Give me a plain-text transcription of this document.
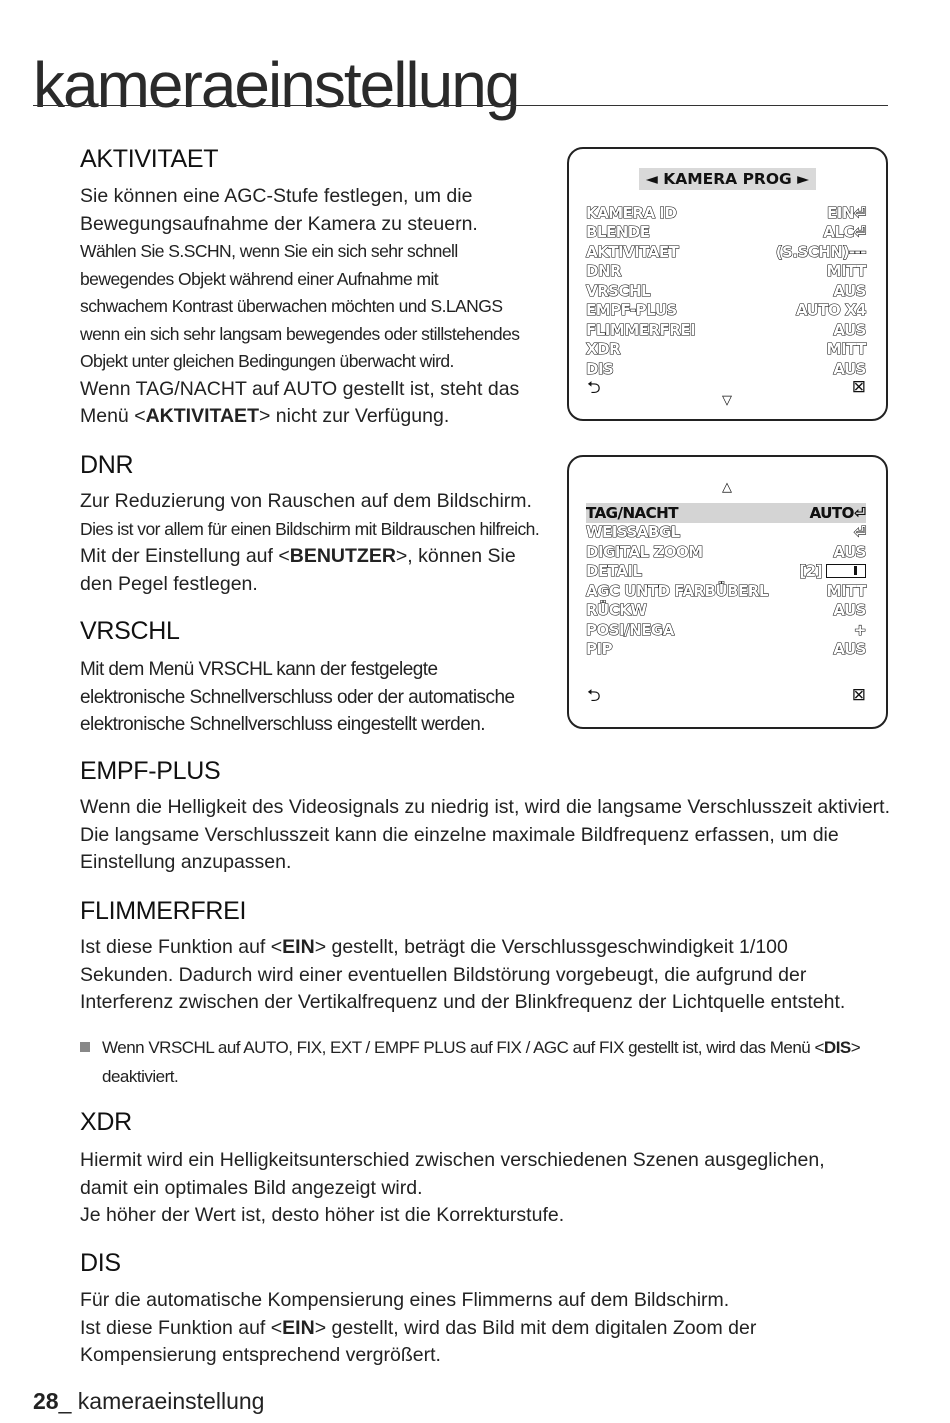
kameraeinstellung
AKTIVITAET
Sie können eine AGC-Stufe festlegen, um die
Bewegungsaufnahme der Kamera zu steuern.
Wählen Sie S.SCHN, wenn Sie ein sich sehr schnell
bewegendes Objekt während einer Aufnahme mit
schwachem Kontrast überwachen möchten und S.LANGS
wenn ein sich sehr langsam bewegendes oder stillstehendes
Objekt unter gleichen Bedingungen überwacht wird.
Wenn TAG/NACHT auf AUTO gestellt ist, steht das
Menü <AKTIVITAET> nicht zur Verfügung.
DNR
Zur Reduzierung von Rauschen auf dem Bildschirm.
Dies ist vor allem für einen Bildschirm mit Bildrauschen hilfreich.
Mit der Einstellung auf <BENUTZER>, können Sie
den Pegel festlegen.
VRSCHL
Mit dem Menü VRSCHL kann der festgelegte
elektronische Schnellverschluss oder der automatische
elektronische Schnellverschluss eingestellt werden.
◄ KAMERA PROG ►
KAMERA ID	EIN⏎
BLENDE	ALC⏎
AKTIVITAET	(S.SCHN)---
DNR	MITT
VRSCHL	AUS
EMPF-PLUS	AUTO X4
FLIMMERFREI	AUS
XDR	MITT
DIS	AUS
⮌
▽
⊠
△
TAG/NACHT	AUTO⏎
WEISSABGL	⏎
DIGITAL ZOOM	AUS
DETAIL	[2]
AGC UNTD FARBÜBERL	MITT
RÜCKW	AUS
POSI/NEGA	+
PIP	AUS
⮌	⊠
EMPF-PLUS
Wenn die Helligkeit des Videosignals zu niedrig ist, wird die langsame Verschlusszeit aktiviert.
Die langsame Verschlusszeit kann die einzelne maximale Bildfrequenz erfassen, um die
Einstellung anzupassen.
FLIMMERFREI
Ist diese Funktion auf <EIN> gestellt, beträgt die Verschlussgeschwindigkeit 1/100
Sekunden. Dadurch wird einer eventuellen Bildstörung vorgebeugt, die aufgrund der
Interferenz zwischen der Vertikalfrequenz und der Blinkfrequenz der Lichtquelle entsteht.
Wenn VRSCHL auf AUTO, FIX, EXT / EMPF PLUS auf FIX / AGC auf FIX gestellt ist, wird das Menü <DIS>
deaktiviert.
XDR
Hiermit wird ein Helligkeitsunterschied zwischen verschiedenen Szenen ausgeglichen,
damit ein optimales Bild angezeigt wird.
Je höher der Wert ist, desto höher ist die Korrekturstufe.
DIS
Für die automatische Kompensierung eines Flimmerns auf dem Bildschirm.
Ist diese Funktion auf <EIN> gestellt, wird das Bild mit dem digitalen Zoom der
Kompensierung entsprechend vergrößert.
28_ kameraeinstellung
